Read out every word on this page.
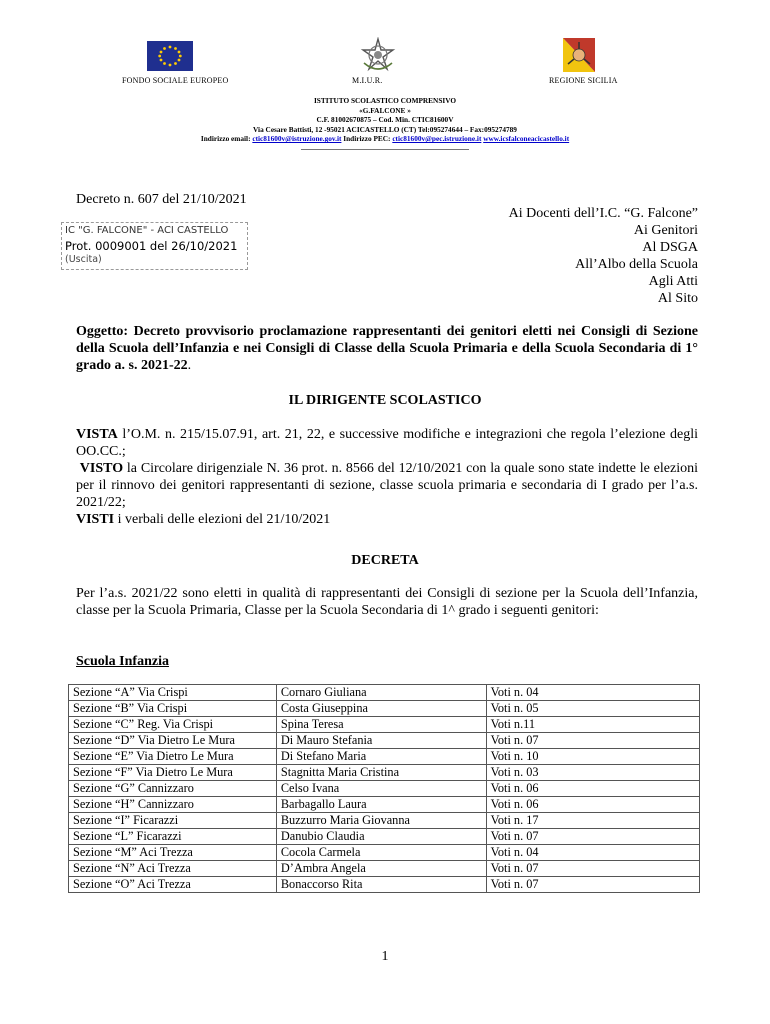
FONDO SOCIALE EUROPEO	M.I.U.R.	REGIONE SICILIA
ISTITUTO SCOLASTICO COMPRENSIVO
«G.FALCONE »
C.F. 81002670875 – Cod. Min. CTIC81600V
Via Cesare Battisti, 12 -95021 ACICASTELLO (CT) Tel:095274644 – Fax:095274789
Indirizzo email: ctic81600v@istruzione.gov.it Indirizzo PEC: ctic81600v@pec.istruzione.it www.icsfalconeacicastello.it
Decreto n. 607 del 21/10/2021
IC "G. FALCONE" - ACI CASTELLO
Prot. 0009001 del 26/10/2021
(Uscita)
Ai Docenti dell’I.C. “G. Falcone”
Ai Genitori
Al DSGA
All’Albo della Scuola
Agli Atti
Al Sito
Oggetto: Decreto provvisorio proclamazione rappresentanti dei genitori eletti nei Consigli di Sezione della Scuola dell’Infanzia e nei Consigli di Classe della Scuola Primaria e della Scuola Secondaria di 1° grado a. s. 2021-22.
IL DIRIGENTE SCOLASTICO
VISTA l’O.M. n. 215/15.07.91, art. 21, 22, e successive modifiche e integrazioni che regola l’elezione degli OO.CC.;
VISTO la Circolare dirigenziale N. 36 prot. n. 8566 del 12/10/2021 con la quale sono state indette le elezioni per il rinnovo dei genitori rappresentanti di sezione, classe scuola primaria e secondaria di I grado per l’a.s. 2021/22;
VISTI i verbali delle elezioni del 21/10/2021
DECRETA
Per l’a.s. 2021/22 sono eletti in qualità di rappresentanti dei Consigli di sezione per la Scuola dell’Infanzia, classe per la Scuola Primaria, Classe per la Scuola Secondaria di 1^ grado i seguenti genitori:
Scuola Infanzia
Sezione “A” Via Crispi	Cornaro Giuliana	Voti n. 04
Sezione “B” Via Crispi	Costa Giuseppina	Voti n. 05
Sezione “C” Reg. Via Crispi	Spina Teresa	Voti n.11
Sezione “D” Via Dietro Le Mura	Di Mauro Stefania	Voti n. 07
Sezione “E” Via Dietro Le Mura	Di Stefano Maria	Voti n. 10
Sezione “F” Via Dietro Le Mura	Stagnitta Maria Cristina	Voti n. 03
Sezione “G” Cannizzaro	Celso Ivana	Voti n. 06
Sezione “H” Cannizzaro	Barbagallo Laura	Voti n. 06
Sezione “I” Ficarazzi	Buzzurro Maria Giovanna	Voti n. 17
Sezione “L” Ficarazzi	Danubio Claudia	Voti n. 07
Sezione “M” Aci Trezza	Cocola Carmela	Voti n. 04
Sezione “N” Aci Trezza	D’Ambra Angela	Voti n. 07
Sezione “O” Aci Trezza	Bonaccorso Rita	Voti n. 07
1
